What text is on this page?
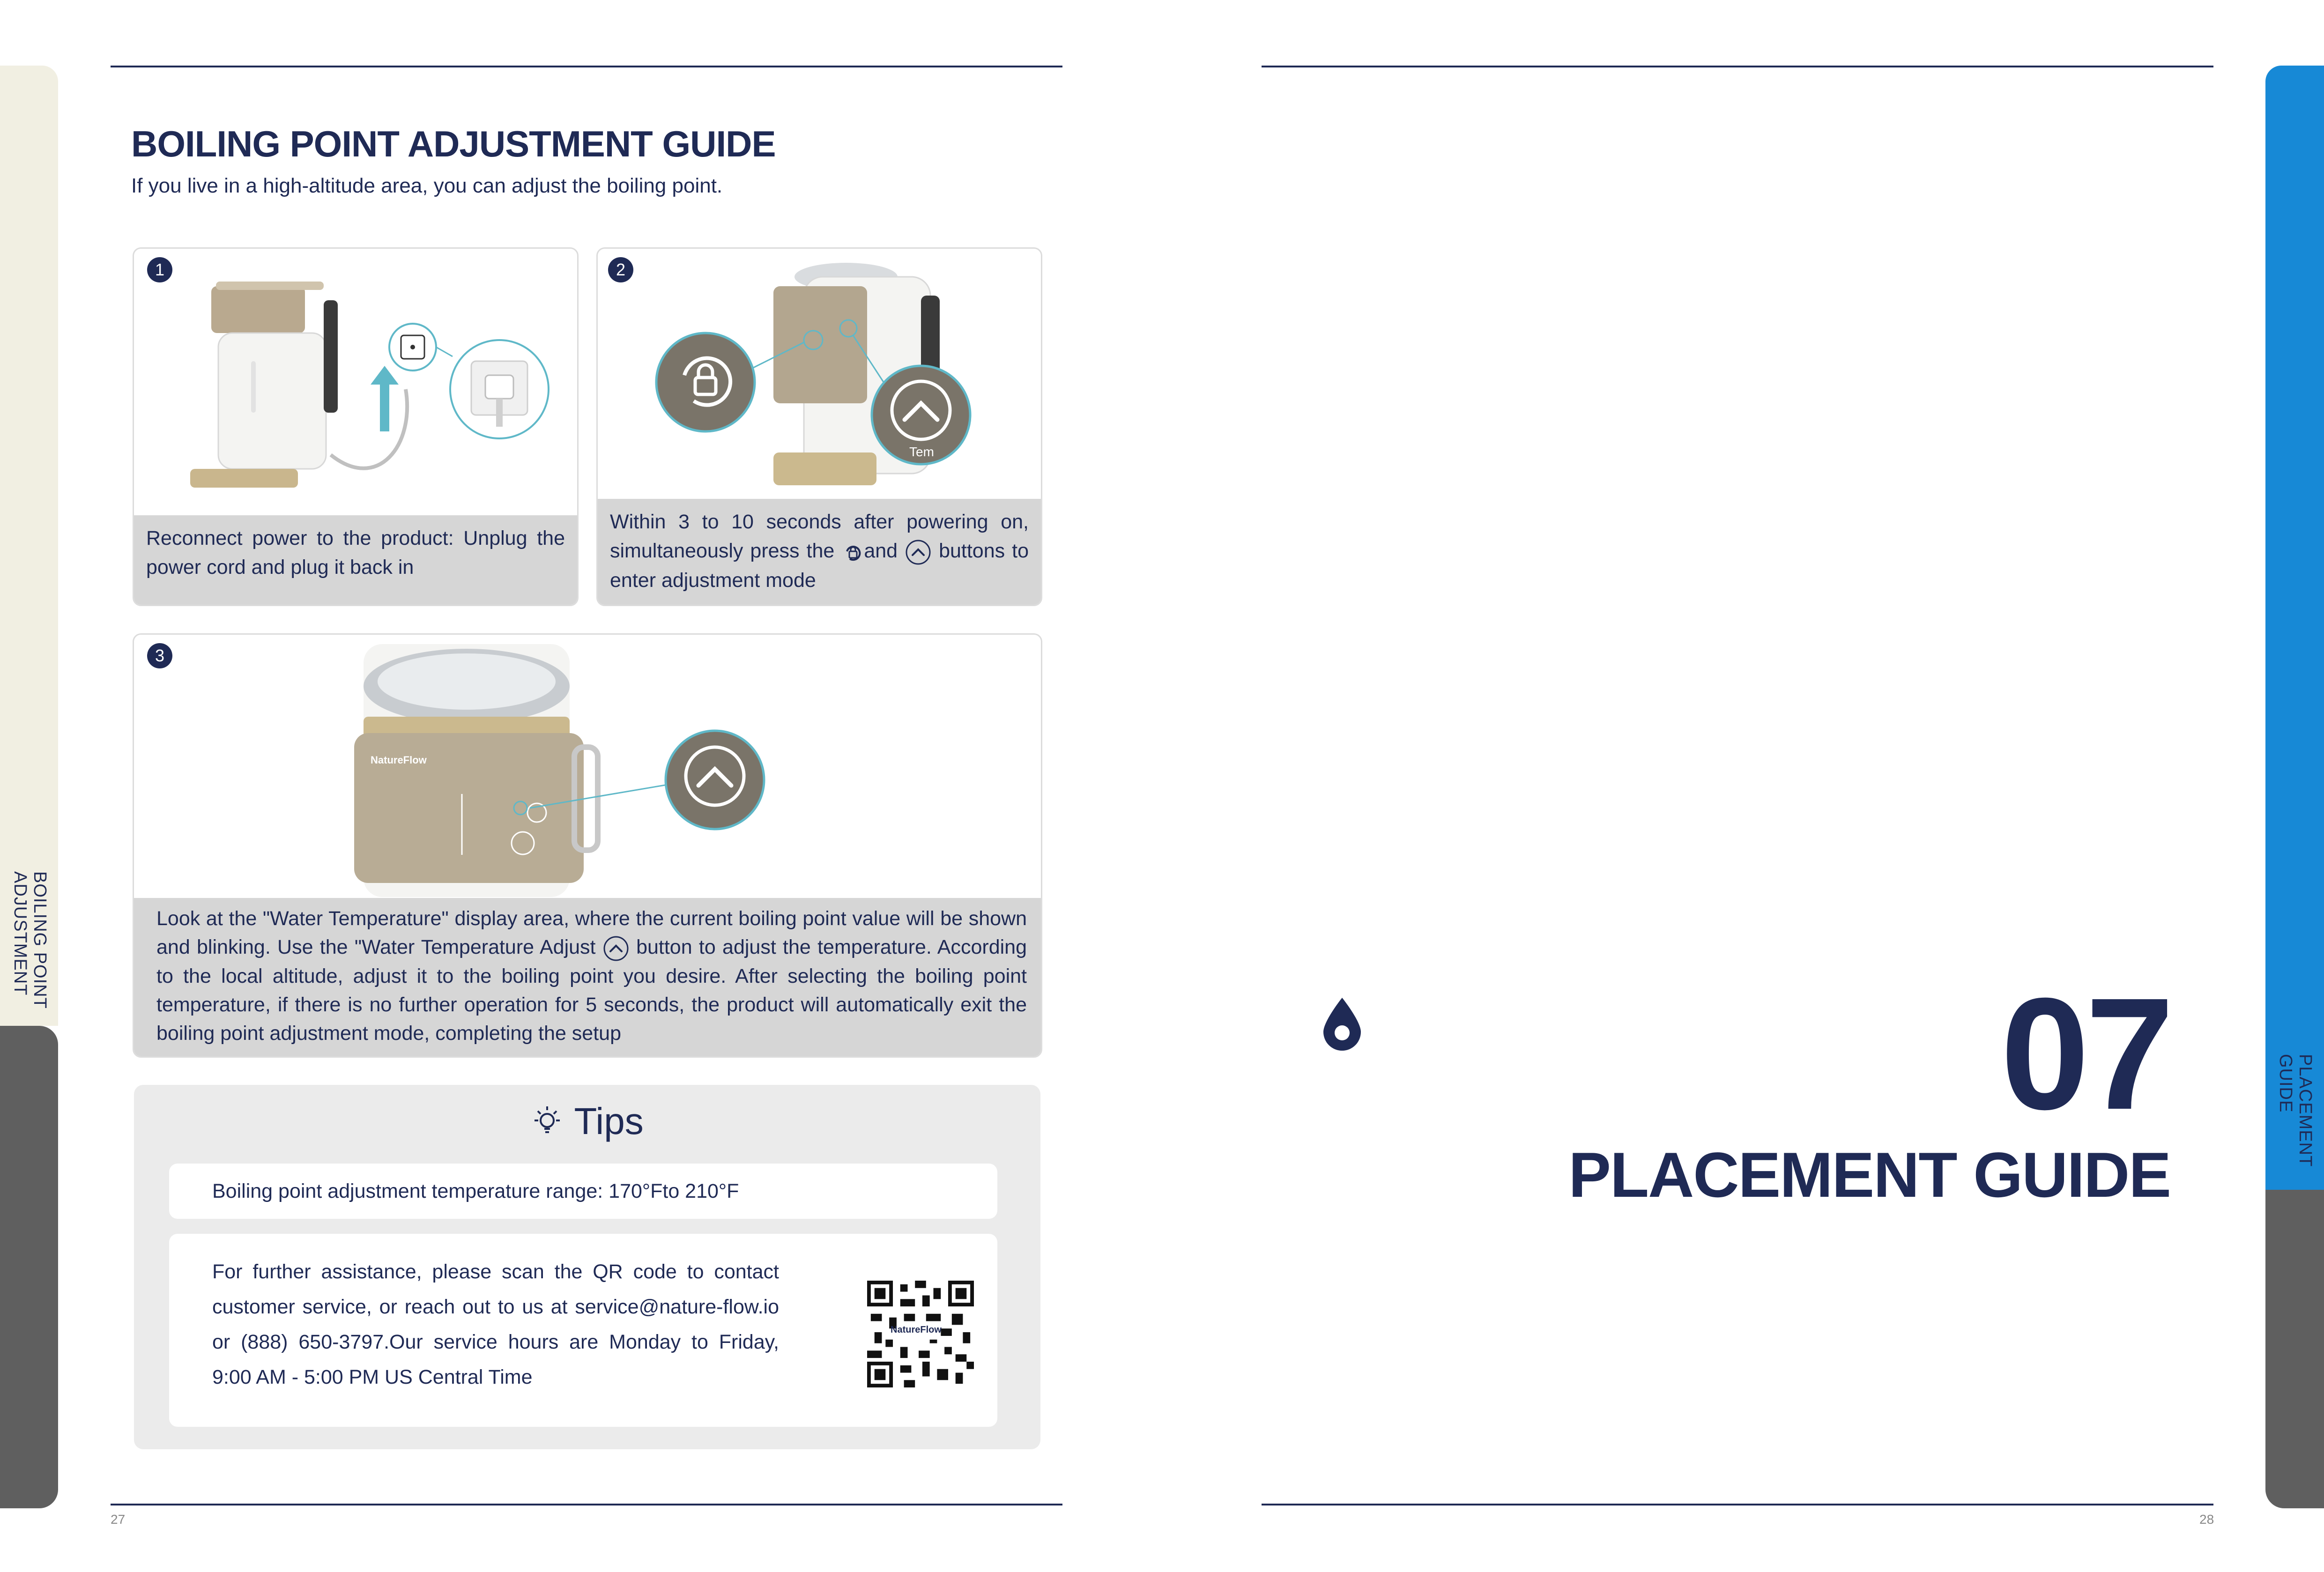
BOILING POINT ADJUSTMENT
PLACEMENT GUIDE
BOILING POINT ADJUSTMENT GUIDE
If you live in a high-altitude area, you can adjust the boiling point.
1
Reconnect power to the product: Unplug the power cord and plug it back in
2
Tem
Within 3 to 10 seconds after powering on, simultaneously press the and buttons to enter adjustment mode
3
NatureFlow
Look at the "Water Temperature" display area, where the current boiling point value will be shown and blinking. Use the "Water Temperature Adjust button to adjust the temperature. According to the local altitude, adjust it to the boiling point you desire. After selecting the boiling point temperature, if there is no further operation for 5 seconds, the product will automatically exit the boiling point adjustment mode, completing the setup
Tips
Boiling point adjustment temperature range: 170°Fto 210°F
For further assistance, please scan the QR code to contact customer service, or reach out to us at service@nature-flow.io or (888) 650-3797.Our service hours are Monday to Friday, 9:00 AM - 5:00 PM US Central Time
NatureFlow
27	28
07
PLACEMENT GUIDE
